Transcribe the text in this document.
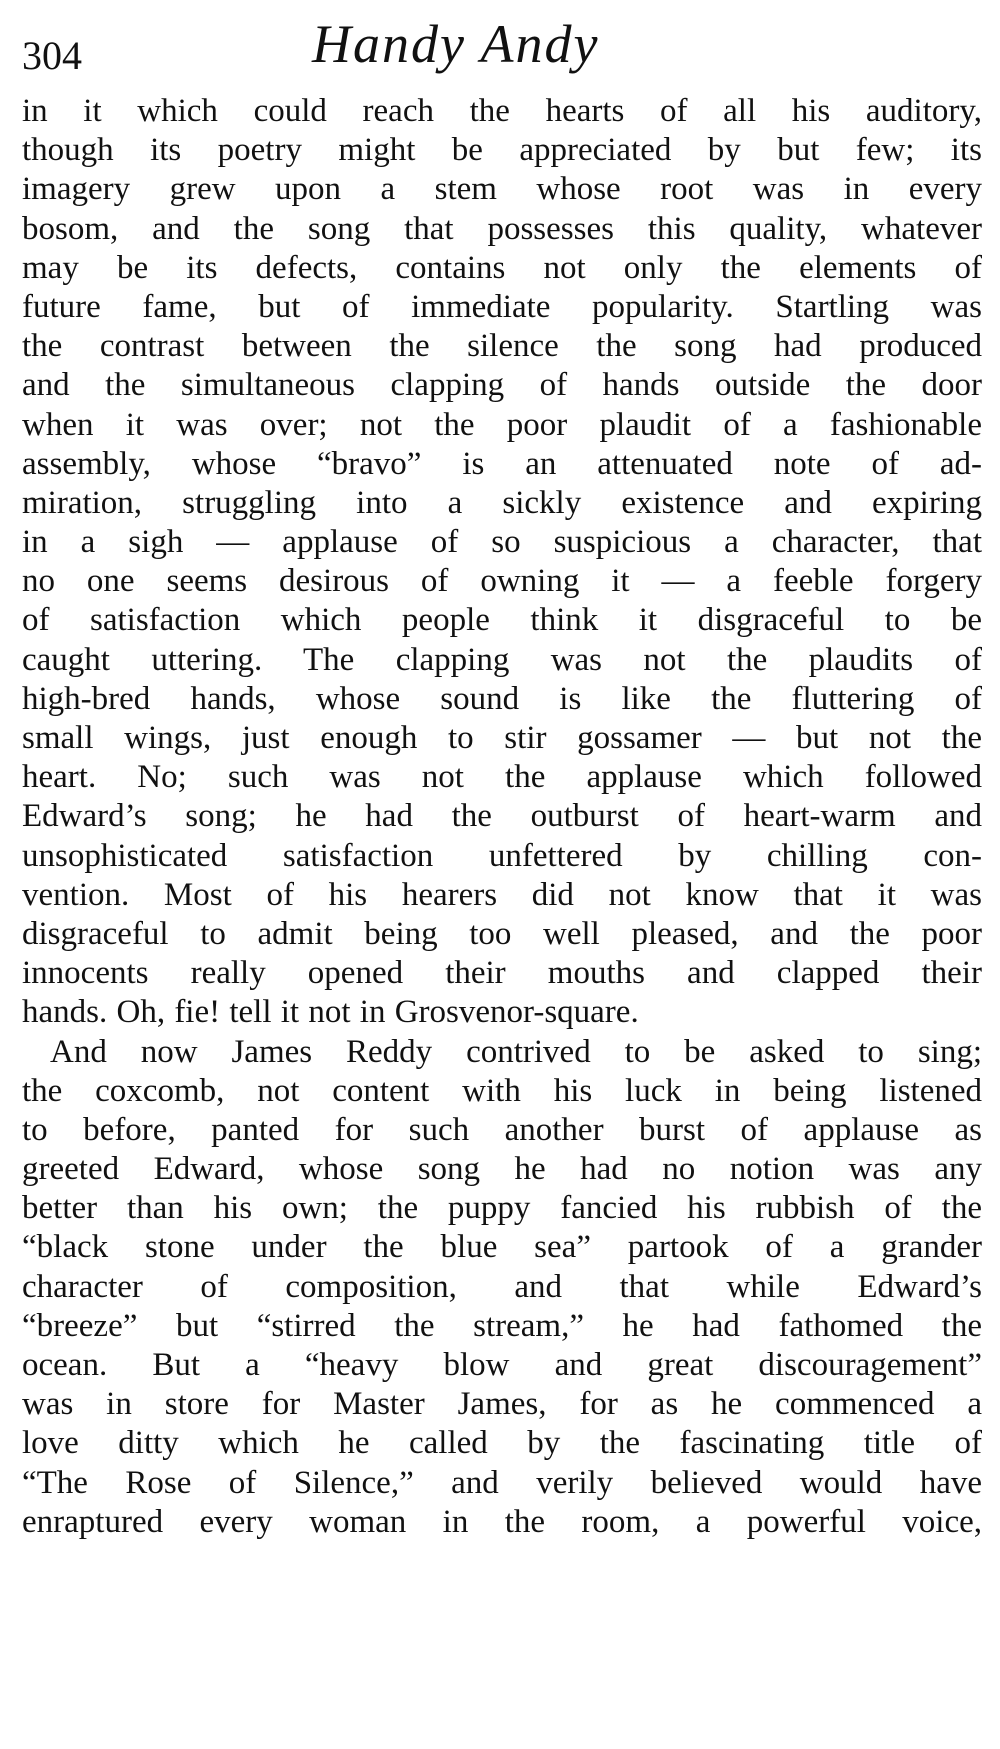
304	Handy Andy
in it which could reach the hearts of all his auditory,
though its poetry might be appreciated by but few; its
imagery grew upon a stem whose root was in every
bosom, and the song that possesses this quality, whatever
may be its defects, contains not only the elements of
future fame, but of immediate popularity. Startling was
the contrast between the silence the song had produced
and the simultaneous clapping of hands outside the door
when it was over; not the poor plaudit of a fashionable
assembly, whose “bravo” is an attenuated note of ad-
miration, struggling into a sickly existence and expiring
in a sigh — applause of so suspicious a character, that
no one seems desirous of owning it — a feeble forgery
of satisfaction which people think it disgraceful to be
caught uttering. The clapping was not the plaudits of
high-bred hands, whose sound is like the fluttering of
small wings, just enough to stir gossamer — but not the
heart. No; such was not the applause which followed
Edward’s song; he had the outburst of heart-warm and
unsophisticated satisfaction unfettered by chilling con-
vention. Most of his hearers did not know that it was
disgraceful to admit being too well pleased, and the poor
innocents really opened their mouths and clapped their
hands. Oh, fie! tell it not in Grosvenor-square.
And now James Reddy contrived to be asked to sing;
the coxcomb, not content with his luck in being listened
to before, panted for such another burst of applause as
greeted Edward, whose song he had no notion was any
better than his own; the puppy fancied his rubbish of the
“black stone under the blue sea” partook of a grander
character of composition, and that while Edward’s
“breeze” but “stirred the stream,” he had fathomed the
ocean. But a “heavy blow and great discouragement”
was in store for Master James, for as he commenced a
love ditty which he called by the fascinating title of
“The Rose of Silence,” and verily believed would have
enraptured every woman in the room, a powerful voice,
